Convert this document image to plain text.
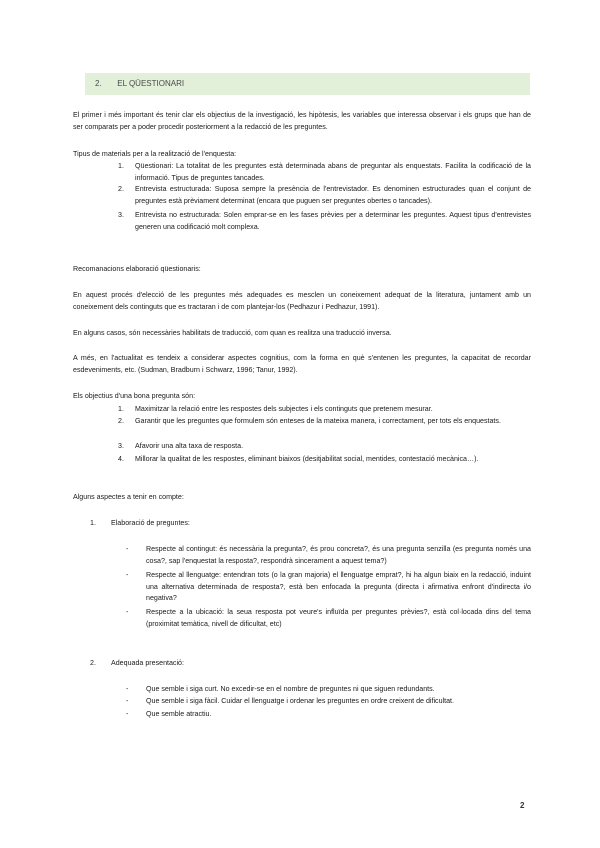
2. EL QÜESTIONARI
El primer i més important és tenir clar els objectius de la investigació, les hipòtesis, les variables que interessa observar i els grups que han de ser comparats per a poder procedir posteriorment a la redacció de les preguntes.
Tipus de materials per a la realització de l'enquesta:
1. Qüestionari: La totalitat de les preguntes està determinada abans de preguntar als enquestats. Facilita la codificació de la informació. Tipus de preguntes tancades.
2. Entrevista estructurada: Suposa sempre la presència de l'entrevistador. Es denominen estructurades quan el conjunt de preguntes està prèviament determinat (encara que puguen ser preguntes obertes o tancades).
3. Entrevista no estructurada: Solen emprar-se en les fases prèvies per a determinar les preguntes. Aquest tipus d'entrevistes generen una codificació molt complexa.
Recomanacions elaboració qüestionaris:
En aquest procés d'elecció de les preguntes més adequades es mesclen un coneixement adequat de la literatura, juntament amb un coneixement dels continguts que es tractaran i de com plantejar-los (Pedhazur i Pedhazur, 1991).
En alguns casos, són necessàries habilitats de traducció, com quan es realitza una traducció inversa.
A més, en l'actualitat es tendeix a considerar aspectes cognitius, com la forma en què s'entenen les preguntes, la capacitat de recordar esdeveniments, etc. (Sudman, Bradburn i Schwarz, 1996; Tanur, 1992).
Els objectius d'una bona pregunta són:
1. Maximitzar la relació entre les respostes dels subjectes i els continguts que pretenem mesurar.
2. Garantir que les preguntes que formulem són enteses de la mateixa manera, i correctament, per tots els enquestats.
3. Afavorir una alta taxa de resposta.
4. Millorar la qualitat de les respostes, eliminant biaixos (desitjabilitat social, mentides, contestació mecànica…).
Alguns aspectes a tenir en compte:
1. Elaboració de preguntes:
- Respecte al contingut: és necessària la pregunta?, és prou concreta?, és una pregunta senzilla (es pregunta només una cosa?, sap l'enquestat la resposta?, respondrà sincerament a aquest tema?)
- Respecte al llenguatge: entendran tots (o la gran majoria) el llenguatge emprat?, hi ha algun biaix en la redacció, induint una alternativa determinada de resposta?, està ben enfocada la pregunta (directa i afirmativa enfront d'indirecta i/o negativa?
- Respecte a la ubicació: la seua resposta pot veure's influïda per preguntes prèvies?, està col·locada dins del tema (proximitat temàtica, nivell de dificultat, etc)
2. Adequada presentació:
- Que semble i siga curt. No excedir-se en el nombre de preguntes ni que siguen redundants.
- Que semble i siga fàcil. Cuidar el llenguatge i ordenar les preguntes en ordre creixent de dificultat.
- Que semble atractiu.
2
